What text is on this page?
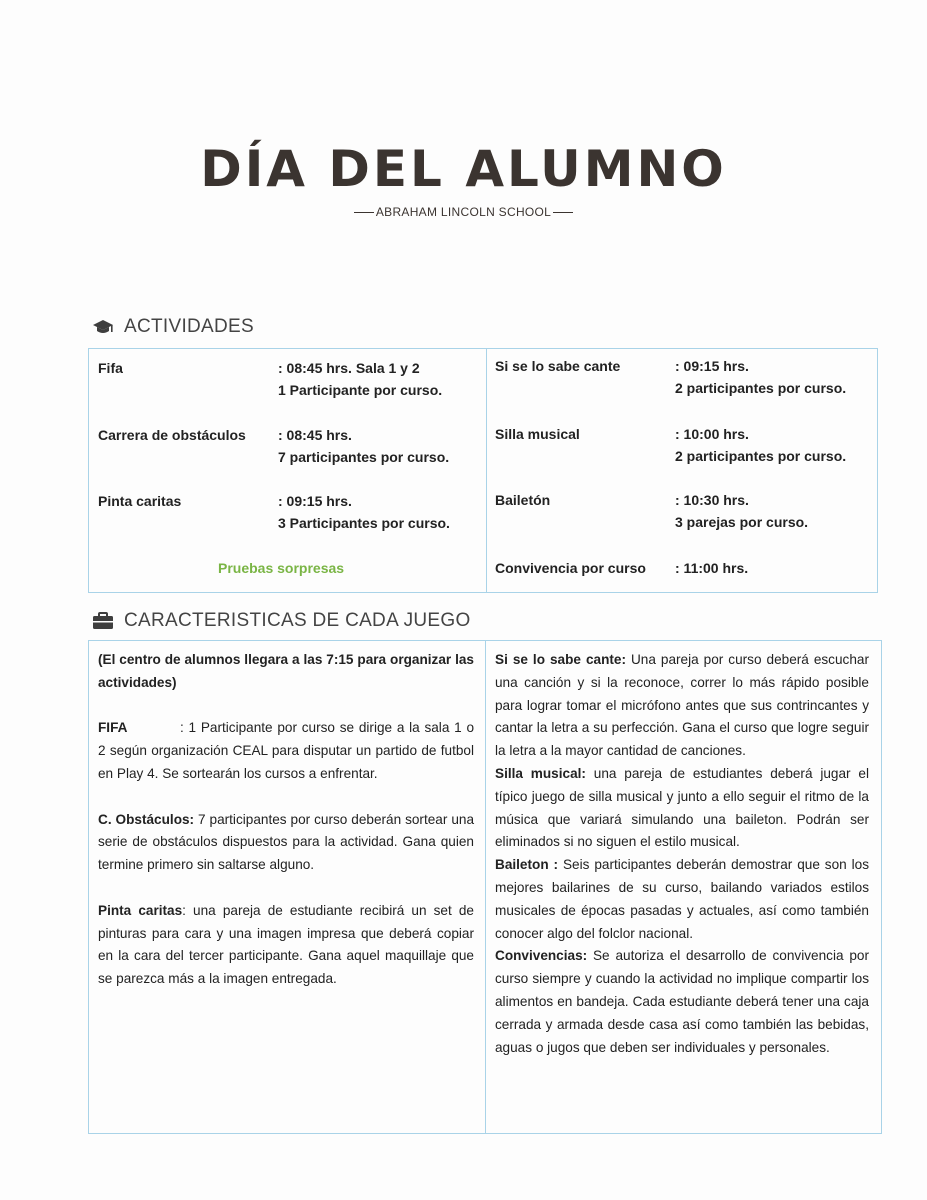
DÍA DEL ALUMNO
ABRAHAM LINCOLN SCHOOL
ACTIVIDADES
Fifa	: 08:45 hrs. Sala 1 y 2
1 Participante por curso.
Carrera de obstáculos : 08:45 hrs.
7 participantes por curso.
Pinta caritas	: 09:15 hrs.
3 Participantes por curso.
Pruebas sorpresas
Si se lo sabe cante	: 09:15 hrs.
2 participantes por curso.
Silla musical	: 10:00 hrs.
2 participantes por curso.
Bailetón	: 10:30 hrs.
3 parejas por curso.
Convivencia por curso : 11:00 hrs.
CARACTERISTICAS DE CADA JUEGO

(El centro de alumnos llegara a las 7:15 para organizar las actividades)

FIFA	: 1 Participante por curso se dirige a la sala 1 o 2 según organización CEAL para disputar un partido de futbol en Play 4. Se sortearán los cursos a enfrentar.

C. Obstáculos: 7 participantes por curso deberán sortear una serie de obstáculos dispuestos para la actividad. Gana quien termine primero sin saltarse alguno.

Pinta caritas: una pareja de estudiante recibirá un set de pinturas para cara y una imagen impresa que deberá copiar en la cara del tercer participante. Gana aquel maquillaje que se parezca más a la imagen entregada.

Si se lo sabe cante: Una pareja por curso deberá escuchar una canción y si la reconoce, correr lo más rápido posible para lograr tomar el micrófono antes que sus contrincantes y cantar la letra a su perfección. Gana el curso que logre seguir la letra a la mayor cantidad de canciones.

Silla musical: una pareja de estudiantes deberá jugar el típico juego de silla musical y junto a ello seguir el ritmo de la música que variará simulando una baileton. Podrán ser eliminados si no siguen el estilo musical.

Baileton : Seis participantes deberán demostrar que son los mejores bailarines de su curso, bailando variados estilos musicales de épocas pasadas y actuales, así como también conocer algo del folclor nacional.

Convivencias: Se autoriza el desarrollo de convivencia por curso siempre y cuando la actividad no implique compartir los alimentos en bandeja. Cada estudiante deberá tener una caja cerrada y armada desde casa así como también las bebidas, aguas o jugos que deben ser individuales y personales.
